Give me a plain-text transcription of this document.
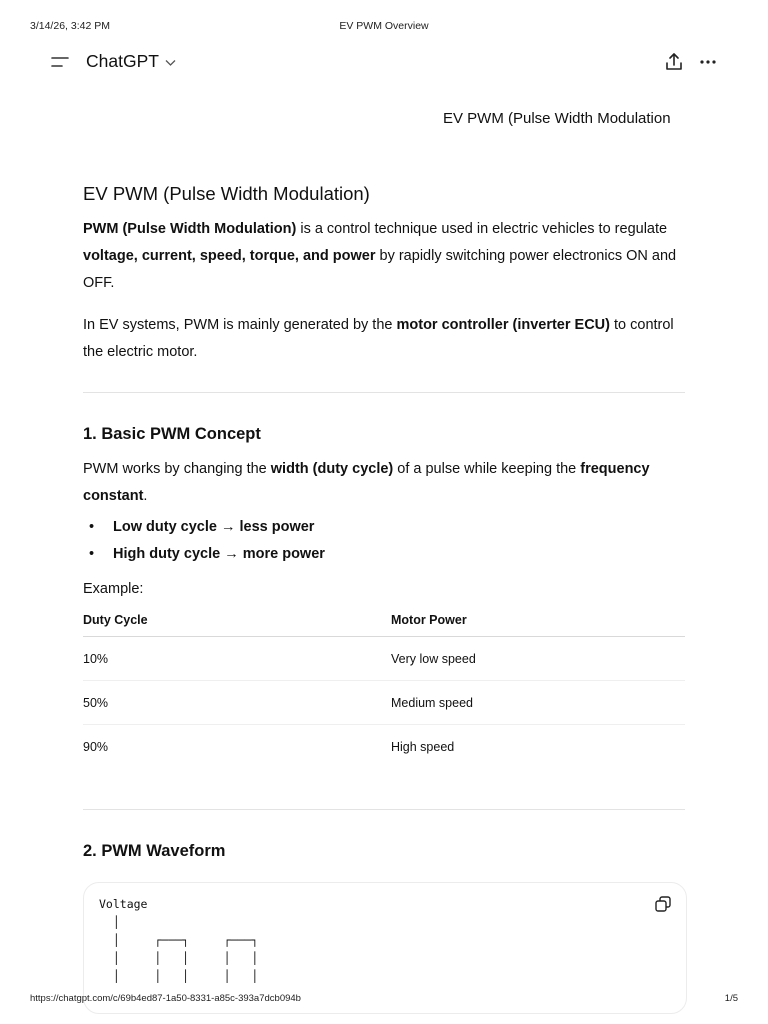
3/14/26, 3:42 PM	EV PWM Overview
ChatGPT
EV PWM (Pulse Width Modulation
EV PWM (Pulse Width Modulation)

PWM (Pulse Width Modulation) is a control technique used in electric vehicles to regulate voltage, current, speed, torque, and power by rapidly switching power electronics ON and OFF.

In EV systems, PWM is mainly generated by the motor controller (inverter ECU) to control the electric motor.

1. Basic PWM Concept

PWM works by changing the width (duty cycle) of a pulse while keeping the frequency constant.

• Low duty cycle → less power
• High duty cycle → more power

Example:

Duty Cycle	Motor Power
10%	Very low speed
50%	Medium speed
90%	High speed
2. PWM Waveform
Voltage
│
│     ┌───┐     ┌───┐
│     │   │     │   │
│     │   │     │   │
https://chatgpt.com/c/69b4ed87-1a50-8331-a85c-393a7dcb094b	1/5
